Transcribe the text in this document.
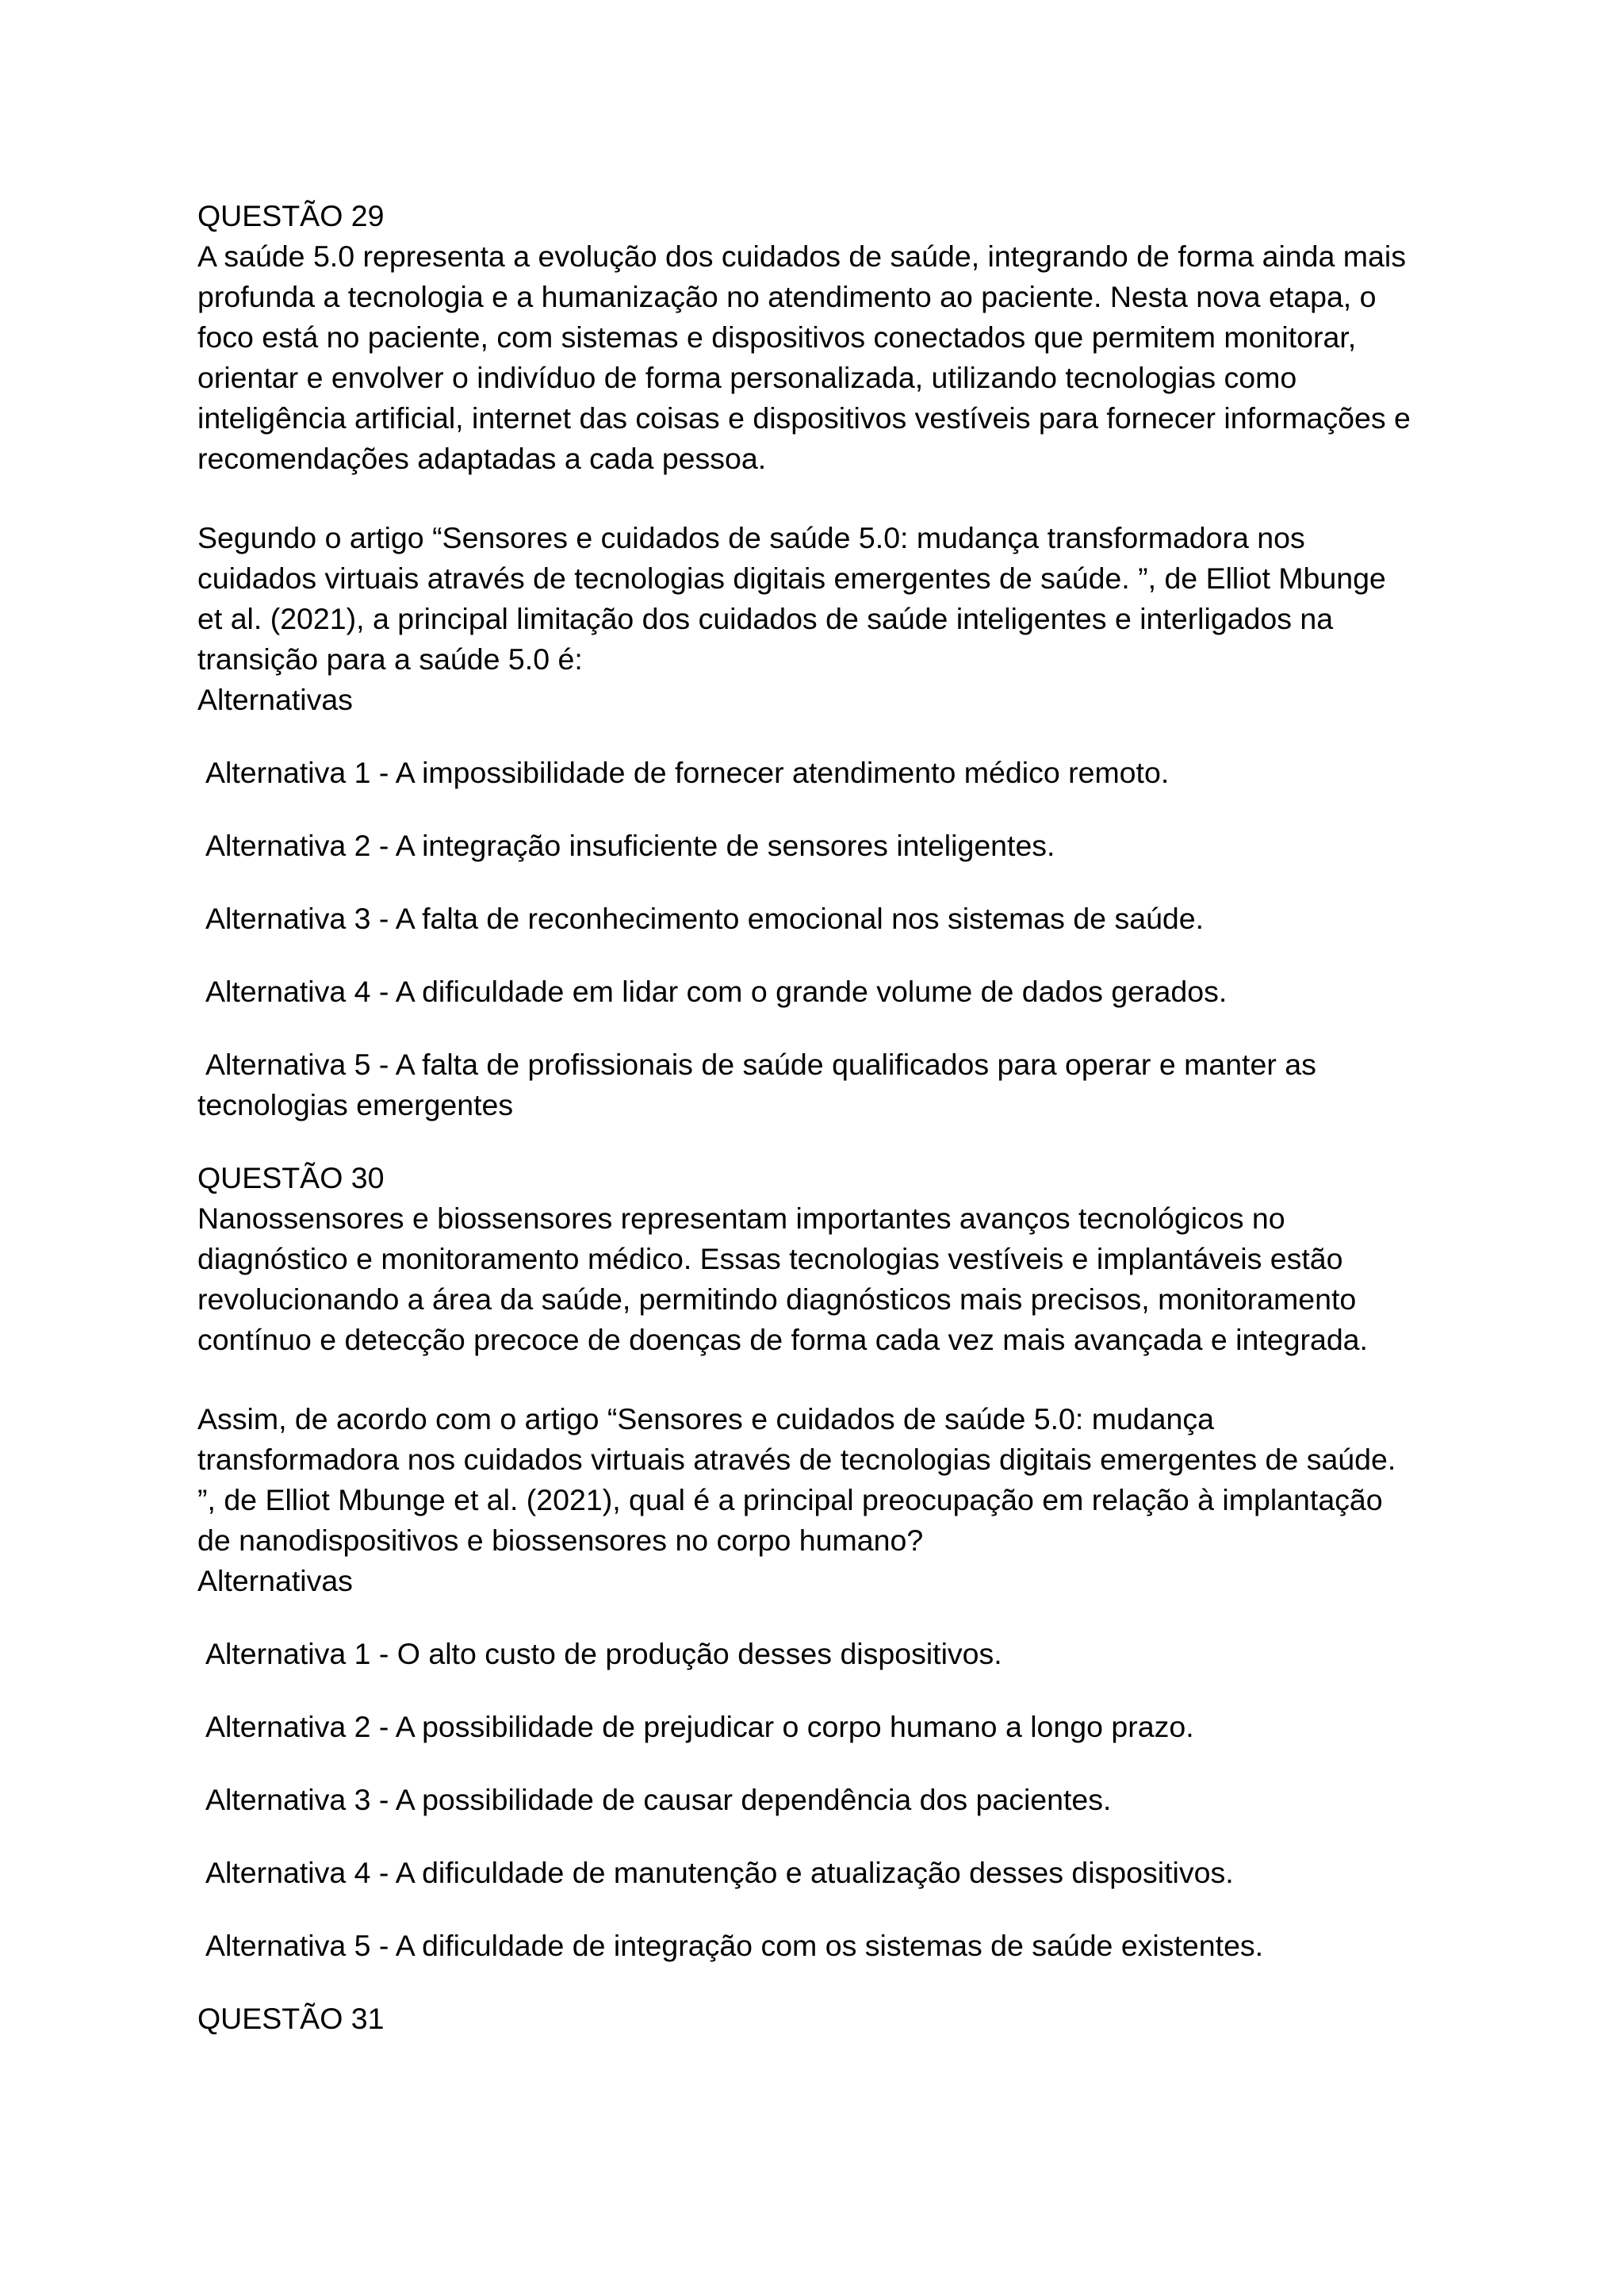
QUESTÃO 29
A saúde 5.0 representa a evolução dos cuidados de saúde, integrando de forma ainda mais
profunda a tecnologia e a humanização no atendimento ao paciente. Nesta nova etapa, o
foco está no paciente, com sistemas e dispositivos conectados que permitem monitorar,
orientar e envolver o indivíduo de forma personalizada, utilizando tecnologias como
inteligência artificial, internet das coisas e dispositivos vestíveis para fornecer informações e
recomendações adaptadas a cada pessoa.
Segundo o artigo “Sensores e cuidados de saúde 5.0: mudança transformadora nos
cuidados virtuais através de tecnologias digitais emergentes de saúde. ”, de Elliot Mbunge
et al. (2021), a principal limitação dos cuidados de saúde inteligentes e interligados na
transição para a saúde 5.0 é:
Alternativas
Alternativa 1 - A impossibilidade de fornecer atendimento médico remoto.
Alternativa 2 - A integração insuficiente de sensores inteligentes.
Alternativa 3 - A falta de reconhecimento emocional nos sistemas de saúde.
Alternativa 4 - A dificuldade em lidar com o grande volume de dados gerados.
Alternativa 5 - A falta de profissionais de saúde qualificados para operar e manter as
tecnologias emergentes
QUESTÃO 30
Nanossensores e biossensores representam importantes avanços tecnológicos no
diagnóstico e monitoramento médico. Essas tecnologias vestíveis e implantáveis estão
revolucionando a área da saúde, permitindo diagnósticos mais precisos, monitoramento
contínuo e detecção precoce de doenças de forma cada vez mais avançada e integrada.
Assim, de acordo com o artigo “Sensores e cuidados de saúde 5.0: mudança
transformadora nos cuidados virtuais através de tecnologias digitais emergentes de saúde.
”, de Elliot Mbunge et al. (2021), qual é a principal preocupação em relação à implantação
de nanodispositivos e biossensores no corpo humano?
Alternativas
Alternativa 1 - O alto custo de produção desses dispositivos.
Alternativa 2 - A possibilidade de prejudicar o corpo humano a longo prazo.
Alternativa 3 - A possibilidade de causar dependência dos pacientes.
Alternativa 4 - A dificuldade de manutenção e atualização desses dispositivos.
Alternativa 5 - A dificuldade de integração com os sistemas de saúde existentes.
QUESTÃO 31
